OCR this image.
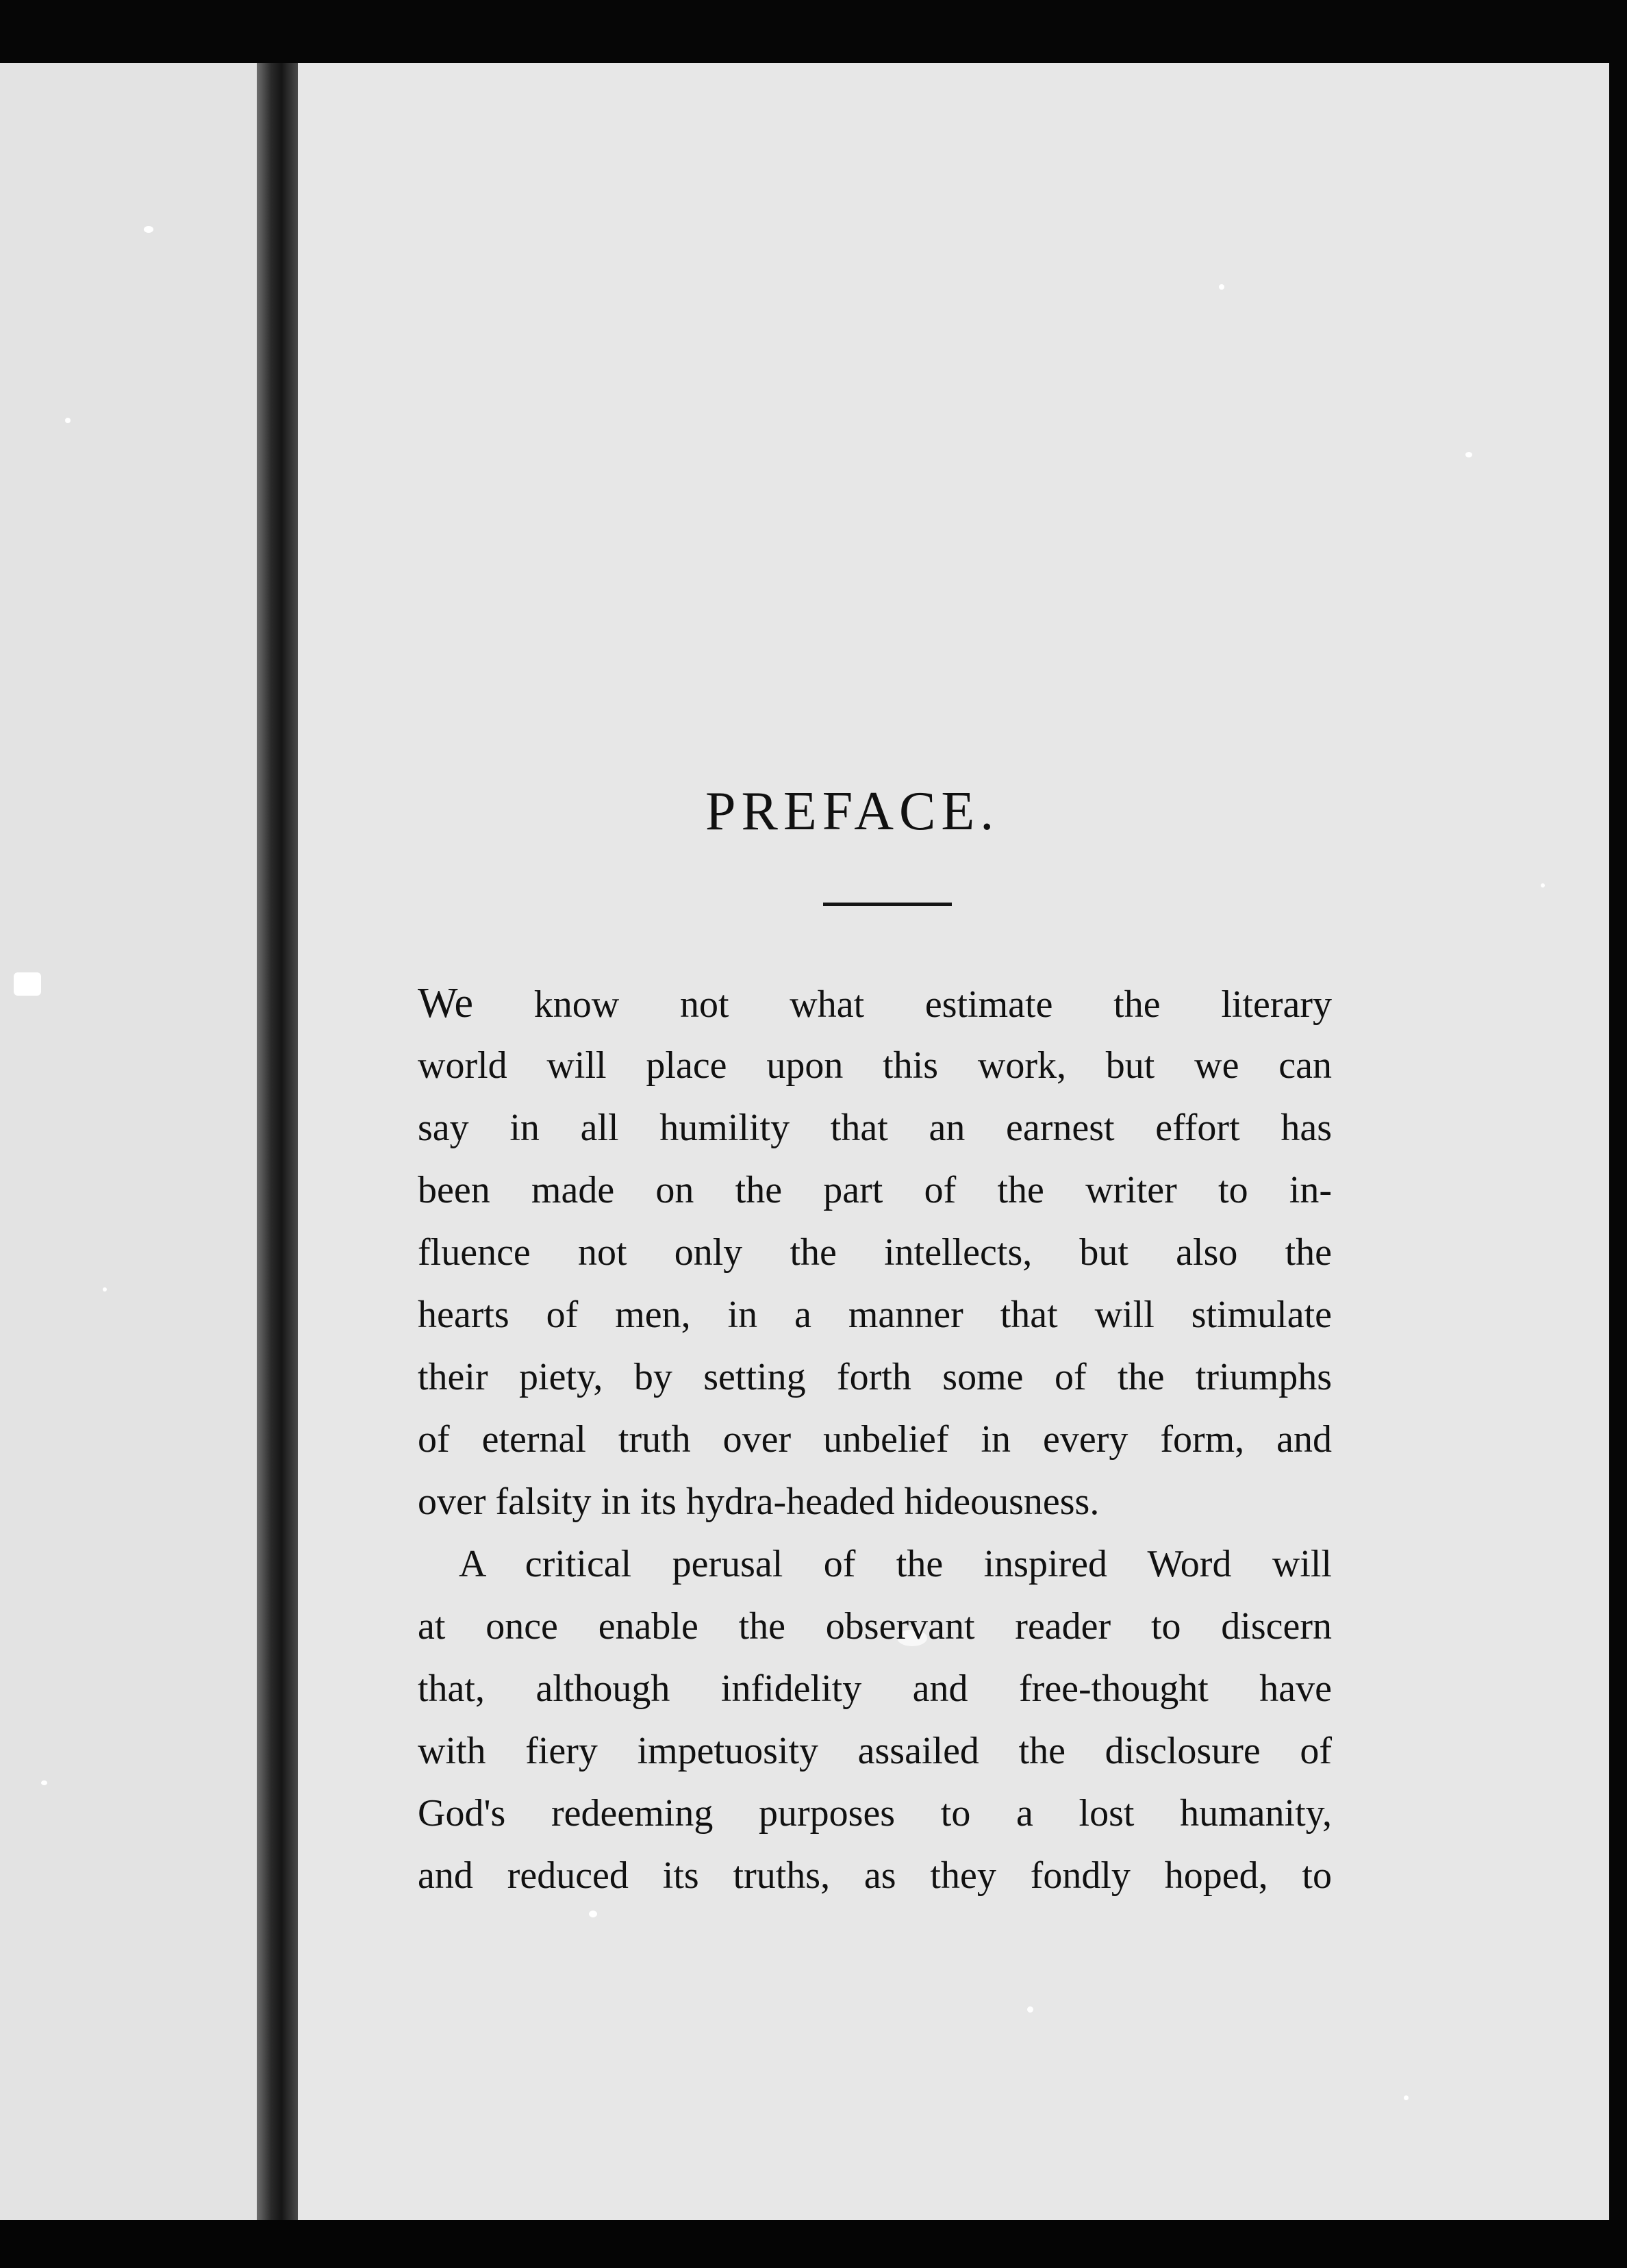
PREFACE.
We know not what estimate the literary
world will place upon this work, but we can
say in all humility that an earnest effort has
been made on the part of the writer to in-
fluence not only the intellects, but also the
hearts of men, in a manner that will stimulate
their piety, by setting forth some of the triumphs
of eternal truth over unbelief in every form, and
over falsity in its hydra-headed hideousness.
A critical perusal of the inspired Word will
at once enable the observant reader to discern
that, although infidelity and free-thought have
with fiery impetuosity assailed the disclosure of
God's redeeming purposes to a lost humanity,
and reduced its truths, as they fondly hoped, to
